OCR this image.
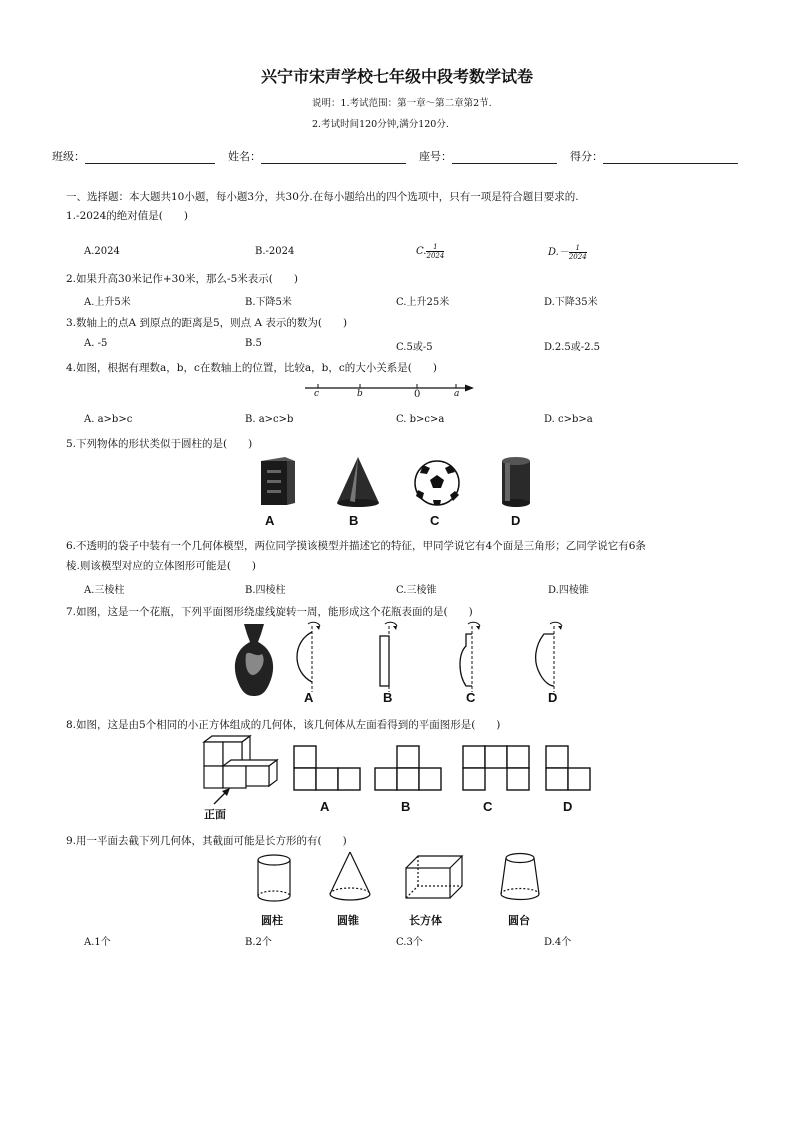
兴宁市宋声学校七年级中段考数学试卷
说明：1.考试范围：第一章～第二章第2节.
2.考试时间120分钟,满分120分.
班级：	姓名：	座号：	得分：
一、选择题：本大题共10小题，每小题3分，共30分.在每小题给出的四个选项中，只有一项是符合题目要求的.
1.-2024的绝对值是(　　)
A.2024	B.-2024	C. $\frac{1}{2024}$	$D.- \frac{1}{2024}$
2.如果升高30米记作+30米，那么-5米表示(　　)
A.上升5米	B.下降5米	C.上升25米	D.下降35米
3.数轴上的点A 到原点的距离是5，则点 A 表示的数为(　　)
A. -5	B.5	C.5或-5	D.2.5或-2.5
4.如图，根据有理数a，b，c在数轴上的位置，比较a，b，c的大小关系是(　　)
c	b	0	a
A. a>b>c	B. a>c>b	C. b>c>a	D. c>b>a
5.下列物体的形状类似于圆柱的是(　　)
A	B	C	D
6.不透明的袋子中装有一个几何体模型，两位同学摸该模型并描述它的特征，甲同学说它有4个面是三角形；乙同学说它有6条
棱.则该模型对应的立体图形可能是(　　)
A.三棱柱	B.四棱柱	C.三棱锥	D.四棱锥
7.如图，这是一个花瓶，下列平面图形绕虚线旋转一周，能形成这个花瓶表面的是(　　)
A	B	C	D
8.如图，这是由5个相同的小正方体组成的几何体，该几何体从左面看得到的平面图形是(　　)
正面
A	B	C	D
9.用一平面去截下列几何体，其截面可能是长方形的有(　　)
圆柱	圆锥	长方体	圆台
A.1个	B.2个	C.3个	D.4个
